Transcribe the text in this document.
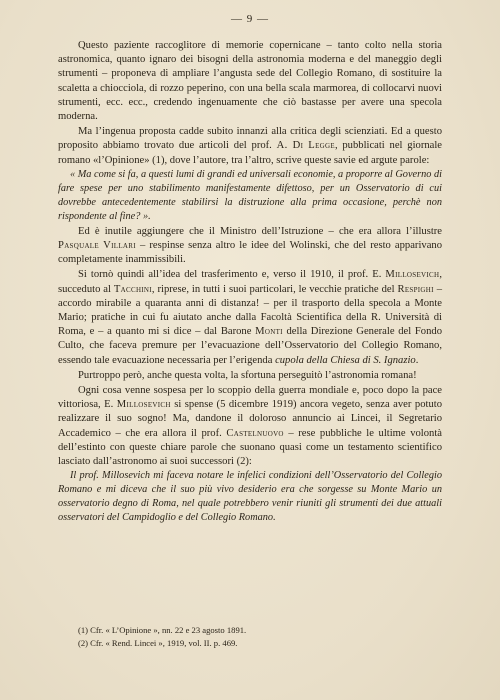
— 9 —

Questo paziente raccoglitore di memorie copernicane – tanto colto nella storia astronomica, quanto ignaro dei bisogni della astronomia moderna e del maneggio degli strumenti – proponeva di ampliare l’angusta sede del Collegio Romano, di sostituire la scaletta a chiocciola, di rozzo peperino, con una bella scala marmorea, di collocarvi nuovi strumenti, ecc. ecc., credendo ingenuamente che ciò bastasse per avere una specola moderna.

Ma l’ingenua proposta cadde subito innanzi alla critica degli scienziati. Ed a questo proposito abbiamo trovato due articoli del prof. A. Di Legge, pubblicati nel giornale romano «l’Opinione» (1), dove l’autore, tra l’altro, scrive queste savie ed argute parole:

« Ma come si fa, a questi lumi di grandi ed universali economie, a proporre al Governo di fare spese per uno stabilimento manifestamente difettoso, per un Osservatorio di cui dovrebbe antecedentemente stabilirsi la distruzione alla prima occasione, perchè non rispondente al fine? ».

Ed è inutile aggiungere che il Ministro dell’Istruzione – che era allora l’illustre Pasquale Villari – respinse senza altro le idee del Wolinski, che del resto apparivano completamente inammissibili.

Si tornò quindi all’idea del trasferimento e, verso il 1910, il prof. E. Millosevich, succeduto al Tacchini, riprese, in tutti i suoi particolari, le vecchie pratiche del Respighi – accordo mirabile a quaranta anni di distanza! – per il trasporto della specola a Monte Mario; pratiche in cui fu aiutato anche dalla Facoltà Scientifica della R. Università di Roma, e – a quanto mi si dice – dal Barone Monti della Direzione Generale del Fondo Culto, che faceva premure per l’evacuazione dell’Osservatorio del Collegio Romano, essendo tale evacuazione necessaria per l’erigenda cupola della Chiesa di S. Ignazio.

Purtroppo però, anche questa volta, la sfortuna perseguitò l’astronomia romana!

Ogni cosa venne sospesa per lo scoppio della guerra mondiale e, poco dopo la pace vittoriosa, E. Millosevich si spense (5 dicembre 1919) ancora vegeto, senza aver potuto realizzare il suo sogno! Ma, dandone il doloroso annuncio ai Lincei, il Segretario Accademico – che era allora il prof. Castelnuovo – rese pubbliche le ultime volontà dell’estinto con queste chiare parole che suonano quasi come un testamento scientifico lasciato dall’astronomo ai suoi successori (2):

Il prof. Millosevich mi faceva notare le infelici condizioni dell’Osservatorio del Collegio Romano e mi diceva che il suo più vivo desiderio era che sorgesse su Monte Mario un osservatorio degno di Roma, nel quale potrebbero venir riuniti gli strumenti dei due attuali osservatori del Campidoglio e del Collegio Romano.

(1) Cfr. « L’Opinione », nn. 22 e 23 agosto 1891.
(2) Cfr. « Rend. Lincei », 1919, vol. II. p. 469.
